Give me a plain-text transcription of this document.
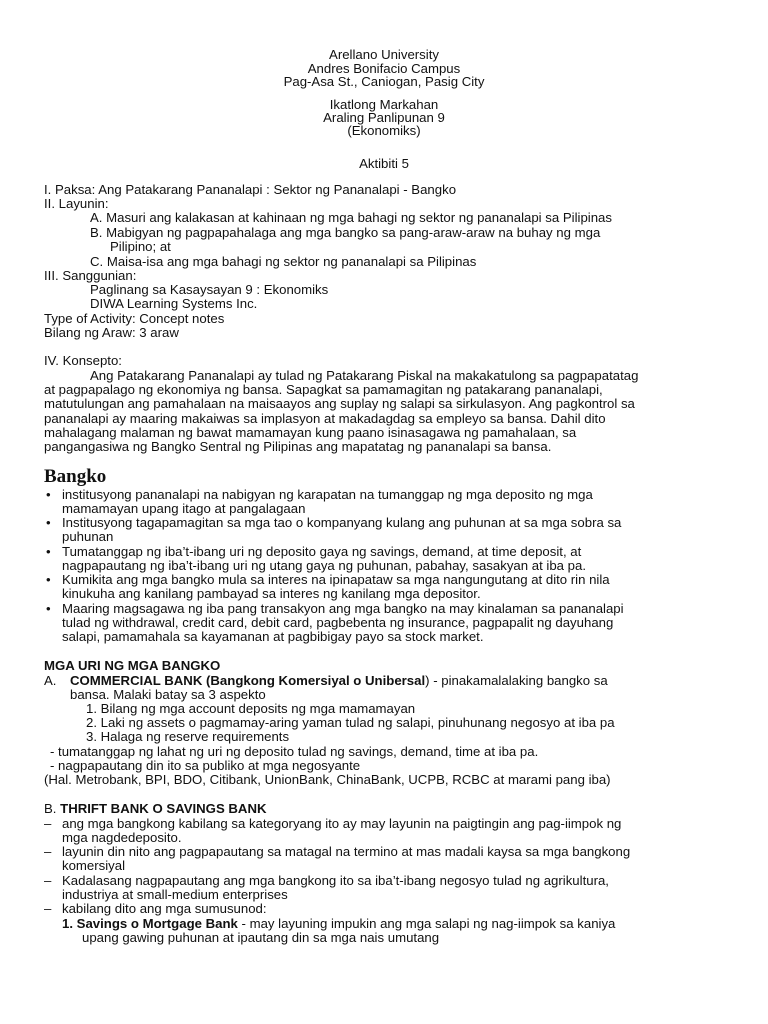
Arellano University
Andres Bonifacio Campus
Pag-Asa St., Caniogan, Pasig City
Ikatlong Markahan
Araling Panlipunan 9
(Ekonomiks)
Aktibiti 5
I. Paksa: Ang Patakarang Pananalapi : Sektor ng Pananalapi - Bangko
II. Layunin:
A. Masuri ang kalakasan at kahinaan ng mga bahagi ng sektor ng pananalapi sa Pilipinas
B. Mabigyan ng pagpapahalaga ang mga bangko sa pang-araw-araw na buhay ng mga
Pilipino; at
C. Maisa-isa ang mga bahagi ng sektor ng pananalapi sa Pilipinas
III. Sanggunian:
Paglinang sa Kasaysayan 9 : Ekonomiks
DIWA Learning Systems Inc.
Type of Activity: Concept notes
Bilang ng Araw: 3 araw
IV. Konsepto:
Ang Patakarang Pananalapi ay tulad ng Patakarang Piskal na makakatulong sa pagpapatatag
at pagpapalago ng ekonomiya ng bansa. Sapagkat sa pamamagitan ng patakarang pananalapi,
matutulungan ang pamahalaan na maisaayos ang suplay ng salapi sa sirkulasyon. Ang pagkontrol sa
pananalapi ay maaring makaiwas sa implasyon at makadagdag sa empleyo sa bansa. Dahil dito
mahalagang malaman ng bawat mamamayan kung paano isinasagawa ng pamahalaan, sa
pangangasiwa ng Bangko Sentral ng Pilipinas ang mapatatag ng pananalapi sa bansa.
Bangko
• institusyong pananalapi na nabigyan ng karapatan na tumanggap ng mga deposito ng mga
mamamayan upang itago at pangalagaan
• Institusyong tagapamagitan sa mga tao o kompanyang kulang ang puhunan at sa mga sobra sa
puhunan
• Tumatanggap ng iba’t-ibang uri ng deposito gaya ng savings, demand, at time deposit, at
nagpapautang ng iba’t-ibang uri ng utang gaya ng puhunan, pabahay, sasakyan at iba pa.
• Kumikita ang mga bangko mula sa interes na ipinapataw sa mga nangungutang at dito rin nila
kinukuha ang kanilang pambayad sa interes ng kanilang mga depositor.
• Maaring magsagawa ng iba pang transakyon ang mga bangko na may kinalaman sa pananalapi
tulad ng withdrawal, credit card, debit card, pagbebenta ng insurance, pagpapalit ng dayuhang
salapi, pamamahala sa kayamanan at pagbibigay payo sa stock market.
MGA URI NG MGA BANGKO
A. COMMERCIAL BANK (Bangkong Komersiyal o Unibersal) - pinakamalalaking bangko sa
bansa. Malaki batay sa 3 aspekto
1. Bilang ng mga account deposits ng mga mamamayan
2. Laki ng assets o pagmamay-aring yaman tulad ng salapi, pinuhunang negosyo at iba pa
3. Halaga ng reserve requirements
- tumatanggap ng lahat ng uri ng deposito tulad ng savings, demand, time at iba pa.
- nagpapautang din ito sa publiko at mga negosyante
(Hal. Metrobank, BPI, BDO, Citibank, UnionBank, ChinaBank, UCPB, RCBC at marami pang iba)
B. THRIFT BANK O SAVINGS BANK
– ang mga bangkong kabilang sa kategoryang ito ay may layunin na paigtingin ang pag-iimpok ng
mga nagdedeposito.
– layunin din nito ang pagpapautang sa matagal na termino at mas madali kaysa sa mga bangkong
komersiyal
– Kadalasang nagpapautang ang mga bangkong ito sa iba’t-ibang negosyo tulad ng agrikultura,
industriya at small-medium enterprises
– kabilang dito ang mga sumusunod:
1. Savings o Mortgage Bank - may layuning impukin ang mga salapi ng nag-iimpok sa kaniya
upang gawing puhunan at ipautang din sa mga nais umutang
